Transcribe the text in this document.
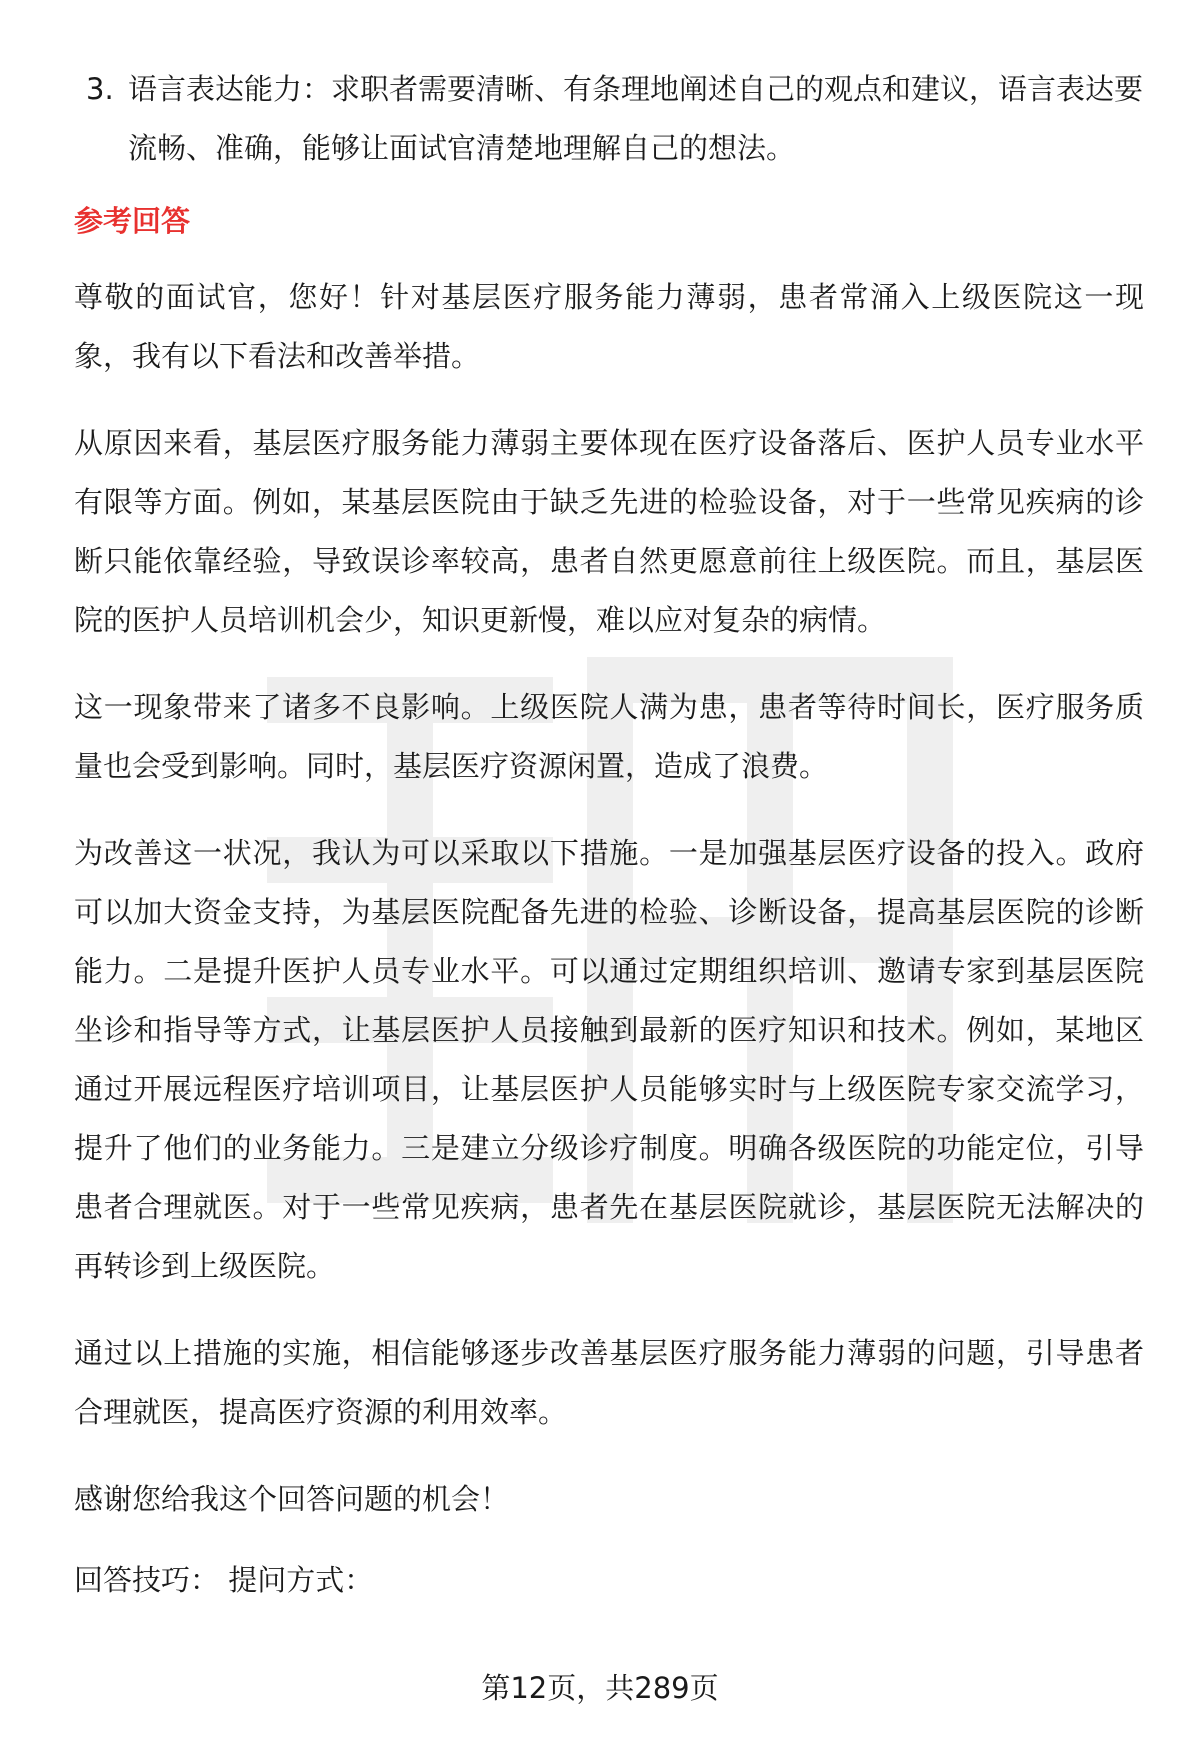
3. 语言表达能力：求职者需要清晰、有条理地阐述自己的观点和建议，语言表达要流畅、准确，能够让面试官清楚地理解自己的想法。
参考回答

尊敬的面试官，您好！针对基层医疗服务能力薄弱，患者常涌入上级医院这一现象，我有以下看法和改善举措。

从原因来看，基层医疗服务能力薄弱主要体现在医疗设备落后、医护人员专业水平有限等方面。例如，某基层医院由于缺乏先进的检验设备，对于一些常见疾病的诊断只能依靠经验，导致误诊率较高，患者自然更愿意前往上级医院。而且，基层医院的医护人员培训机会少，知识更新慢，难以应对复杂的病情。

这一现象带来了诸多不良影响。上级医院人满为患，患者等待时间长，医疗服务质量也会受到影响。同时，基层医疗资源闲置，造成了浪费。

为改善这一状况，我认为可以采取以下措施。一是加强基层医疗设备的投入。政府可以加大资金支持，为基层医院配备先进的检验、诊断设备，提高基层医院的诊断能力。二是提升医护人员专业水平。可以通过定期组织培训、邀请专家到基层医院坐诊和指导等方式，让基层医护人员接触到最新的医疗知识和技术。例如，某地区通过开展远程医疗培训项目，让基层医护人员能够实时与上级医院专家交流学习，提升了他们的业务能力。三是建立分级诊疗制度。明确各级医院的功能定位，引导患者合理就医。对于一些常见疾病，患者先在基层医院就诊，基层医院无法解决的再转诊到上级医院。

通过以上措施的实施，相信能够逐步改善基层医疗服务能力薄弱的问题，引导患者合理就医，提高医疗资源的利用效率。

感谢您给我这个回答问题的机会！

回答技巧： 提问方式：

第12页，共289页
